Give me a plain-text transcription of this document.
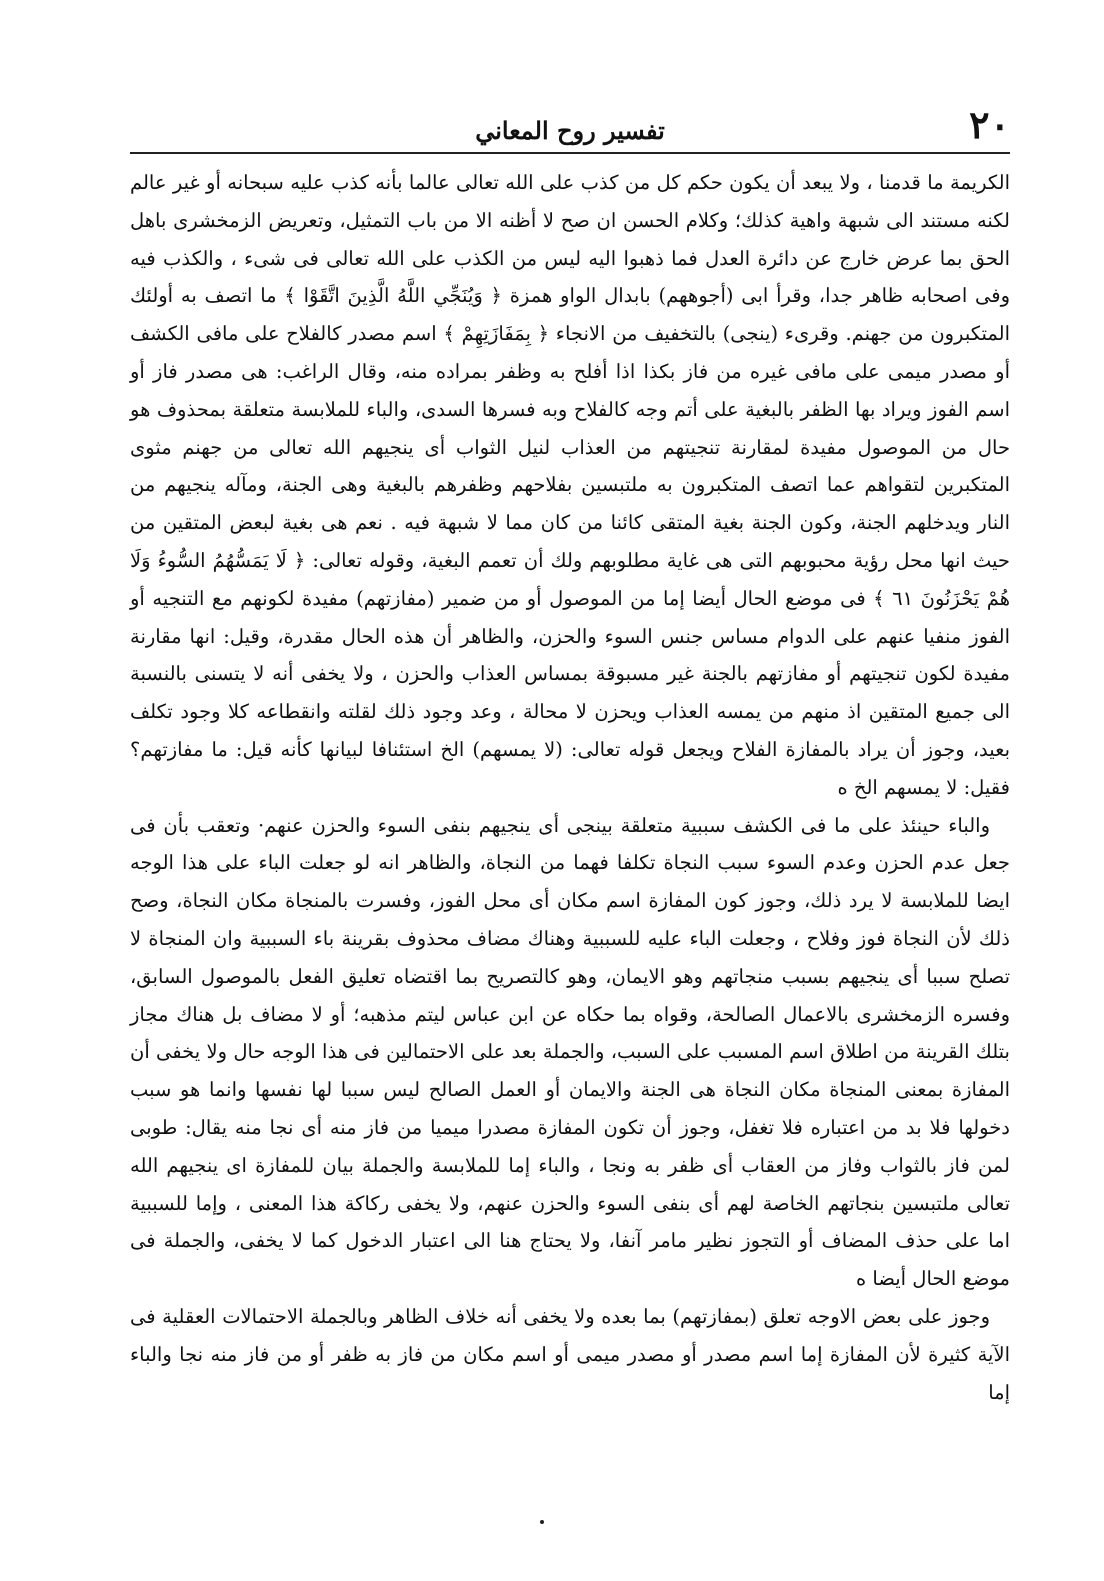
٢٠
تفسير روح المعاني

الكريمة ما قدمنا ، ولا يبعد أن يكون حكم كل من كذب على الله تعالى عالما بأنه كذب عليه سبحانه أو غير عالم لكنه مستند الى شبهة واهية كذلك؛ وكلام الحسن ان صح لا أظنه الا من باب التمثيل، وتعريض الزمخشرى باهل الحق بما عرض خارج عن دائرة العدل فما ذهبوا اليه ليس من الكذب على الله تعالى فى شىء ، والكذب فيه وفى اصحابه ظاهر جدا، وقرأ ابى (أجوههم) بابدال الواو همزة ﴿ وَيُنَجِّي اللَّهُ الَّذِينَ اتَّقَوْا ﴾ ما اتصف به أولئك المتكبرون من جهنم. وقرىء (ينجى) بالتخفيف من الانجاء ﴿ بِمَفَازَتِهِمْ ﴾ اسم مصدر كالفلاح على مافى الكشف أو مصدر ميمى على مافى غيره من فاز بكذا اذا أفلح به وظفر بمراده منه، وقال الراغب: هى مصدر فاز أو اسم الفوز ويراد بها الظفر بالبغية على أتم وجه كالفلاح وبه فسرها السدى، والباء للملابسة متعلقة بمحذوف هو حال من الموصول مفيدة لمقارنة تنجيتهم من العذاب لنيل الثواب أى ينجيهم الله تعالى من جهنم مثوى المتكبرين لتقواهم عما اتصف المتكبرون به ملتبسين بفلاحهم وظفرهم بالبغية وهى الجنة، ومآله ينجيهم من النار ويدخلهم الجنة، وكون الجنة بغية المتقى كائنا من كان مما لا شبهة فيه . نعم هى بغية لبعض المتقين من حيث انها محل رؤية محبوبهم التى هى غاية مطلوبهم ولك أن تعمم البغية، وقوله تعالى: ﴿ لَا يَمَسُّهُمُ السُّوءُ وَلَا هُمْ يَحْزَنُونَ ٦١ ﴾ فى موضع الحال أيضا إما من الموصول أو من ضمير (مفازتهم) مفيدة لكونهم مع التنجيه أو الفوز منفيا عنهم على الدوام مساس جنس السوء والحزن، والظاهر أن هذه الحال مقدرة، وقيل: انها مقارنة مفيدة لكون تنجيتهم أو مفازتهم بالجنة غير مسبوقة بمساس العذاب والحزن ، ولا يخفى أنه لا يتسنى بالنسبة الى جميع المتقين اذ منهم من يمسه العذاب ويحزن لا محالة ، وعد وجود ذلك لقلته وانقطاعه كلا وجود تكلف بعيد، وجوز أن يراد بالمفازة الفلاح ويجعل قوله تعالى: (لا يمسهم) الخ استئنافا لبيانها كأنه قيل: ما مفازتهم؟ فقيل: لا يمسهم الخ ه

والباء حينئذ على ما فى الكشف سببية متعلقة بينجى أى ينجيهم بنفى السوء والحزن عنهم· وتعقب بأن فى جعل عدم الحزن وعدم السوء سبب النجاة تكلفا فهما من النجاة، والظاهر انه لو جعلت الباء على هذا الوجه ايضا للملابسة لا يرد ذلك، وجوز كون المفازة اسم مكان أى محل الفوز، وفسرت بالمنجاة مكان النجاة، وصح ذلك لأن النجاة فوز وفلاح ، وجعلت الباء عليه للسببية وهناك مضاف محذوف بقرينة باء السببية وان المنجاة لا تصلح سببا أى ينجيهم بسبب منجاتهم وهو الايمان، وهو كالتصريح بما اقتضاه تعليق الفعل بالموصول السابق، وفسره الزمخشرى بالاعمال الصالحة، وقواه بما حكاه عن ابن عباس ليتم مذهبه؛ أو لا مضاف بل هناك مجاز بتلك القرينة من اطلاق اسم المسبب على السبب، والجملة بعد على الاحتمالين فى هذا الوجه حال ولا يخفى أن المفازة بمعنى المنجاة مكان النجاة هى الجنة والايمان أو العمل الصالح ليس سببا لها نفسها وانما هو سبب دخولها فلا بد من اعتباره فلا تغفل، وجوز أن تكون المفازة مصدرا ميميا من فاز منه أى نجا منه يقال: طوبى لمن فاز بالثواب وفاز من العقاب أى ظفر به ونجا ، والباء إما للملابسة والجملة بيان للمفازة اى ينجيهم الله تعالى ملتبسين بنجاتهم الخاصة لهم أى بنفى السوء والحزن عنهم، ولا يخفى ركاكة هذا المعنى ، وإما للسببية اما على حذف المضاف أو التجوز نظير مامر آنفا، ولا يحتاج هنا الى اعتبار الدخول كما لا يخفى، والجملة فى موضع الحال أيضا ه

وجوز على بعض الاوجه تعلق (بمفازتهم) بما بعده ولا يخفى أنه خلاف الظاهر وبالجملة الاحتمالات العقلية فى الآية كثيرة لأن المفازة إما اسم مصدر أو مصدر ميمى أو اسم مكان من فاز به ظفر أو من فاز منه نجا والباء إما
